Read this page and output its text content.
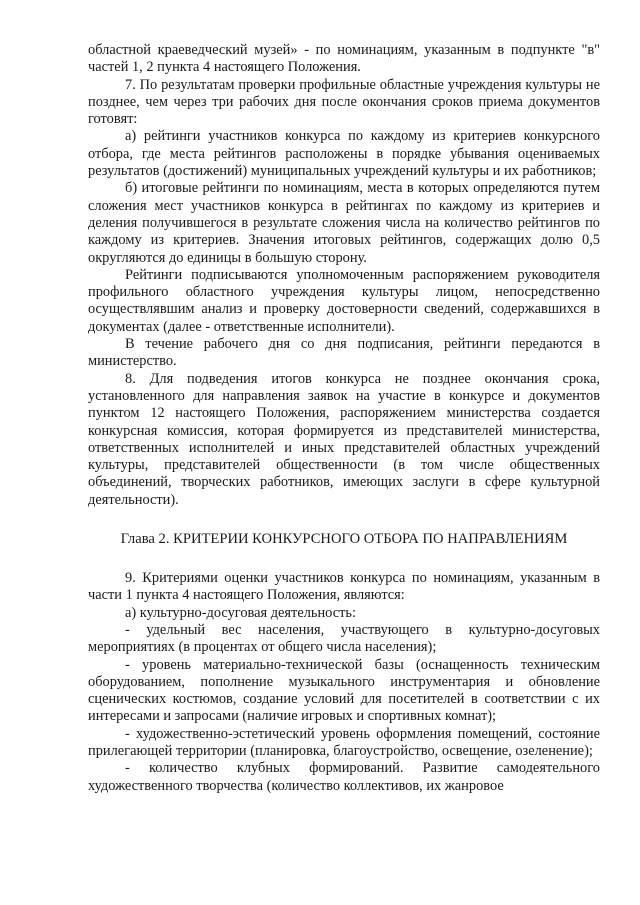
областной краеведческий музей» - по номинациям, указанным в подпункте "в" частей 1, 2 пункта 4 настоящего Положения.

7. По результатам проверки профильные областные учреждения культуры не позднее, чем через три рабочих дня после окончания сроков приема документов готовят:

а) рейтинги участников конкурса по каждому из критериев конкурсного отбора, где места рейтингов расположены в порядке убывания оцениваемых результатов (достижений) муниципальных учреждений культуры и их работников;

б) итоговые рейтинги по номинациям, места в которых определяются путем сложения мест участников конкурса в рейтингах по каждому из критериев и деления получившегося в результате сложения числа на количество рейтингов по каждому из критериев. Значения итоговых рейтингов, содержащих долю 0,5 округляются до единицы в большую сторону.

Рейтинги подписываются уполномоченным распоряжением руководителя профильного областного учреждения культуры лицом, непосредственно осуществлявшим анализ и проверку достоверности сведений, содержавшихся в документах (далее - ответственные исполнители).

В течение рабочего дня со дня подписания, рейтинги передаются в министерство.

8. Для подведения итогов конкурса не позднее окончания срока, установленного для направления заявок на участие в конкурсе и документов пунктом 12 настоящего Положения, распоряжением министерства создается конкурсная комиссия, которая формируется из представителей министерства, ответственных исполнителей и иных представителей областных учреждений культуры, представителей общественности (в том числе общественных объединений, творческих работников, имеющих заслуги в сфере культурной деятельности).

Глава 2. КРИТЕРИИ КОНКУРСНОГО ОТБОРА ПО НАПРАВЛЕНИЯМ

9. Критериями оценки участников конкурса по номинациям, указанным в части 1 пункта 4 настоящего Положения, являются:

а) культурно-досуговая деятельность:

- удельный вес населения, участвующего в культурно-досуговых мероприятиях (в процентах от общего числа населения);

- уровень материально-технической базы (оснащенность техническим оборудованием, пополнение музыкального инструментария и обновление сценических костюмов, создание условий для посетителей в соответствии с их интересами и запросами (наличие игровых и спортивных комнат);

- художественно-эстетический уровень оформления помещений, состояние прилегающей территории (планировка, благоустройство, освещение, озеленение);

- количество клубных формирований. Развитие самодеятельного художественного творчества (количество коллективов, их жанровое
